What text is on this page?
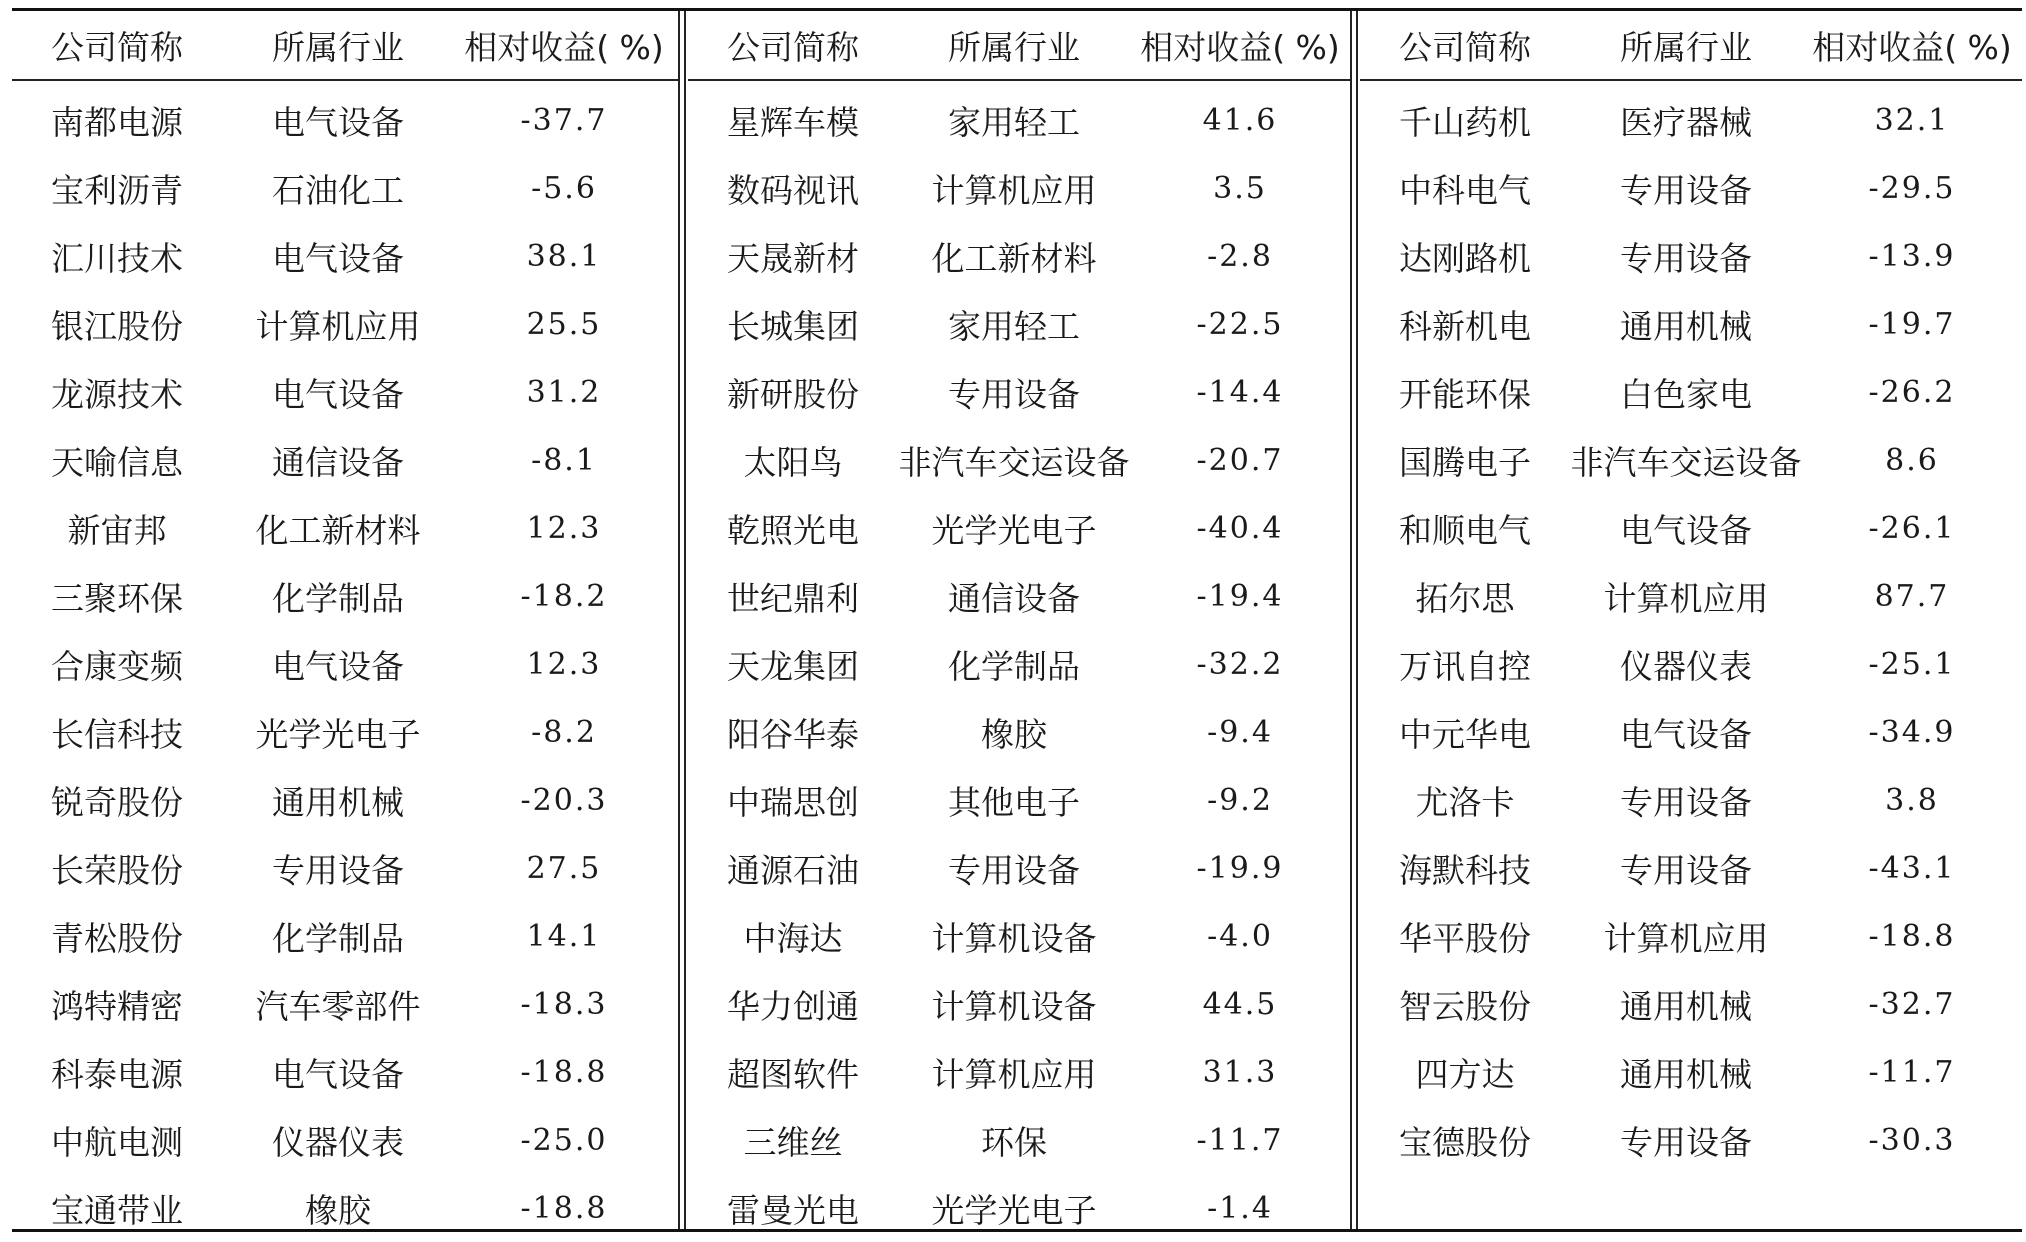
公司简称	所属行业	相对收益( %)
南都电源	电气设备	-37.7
宝利沥青	石油化工	-5.6
汇川技术	电气设备	38.1
银江股份	计算机应用	25.5
龙源技术	电气设备	31.2
天喻信息	通信设备	-8.1
新宙邦	化工新材料	12.3
三聚环保	化学制品	-18.2
合康变频	电气设备	12.3
长信科技	光学光电子	-8.2
锐奇股份	通用机械	-20.3
长荣股份	专用设备	27.5
青松股份	化学制品	14.1
鸿特精密	汽车零部件	-18.3
科泰电源	电气设备	-18.8
中航电测	仪器仪表	-25.0
宝通带业	橡胶	-18.8
公司简称	所属行业	相对收益( %)
星辉车模	家用轻工	41.6
数码视讯	计算机应用	3.5
天晟新材	化工新材料	-2.8
长城集团	家用轻工	-22.5
新研股份	专用设备	-14.4
太阳鸟	非汽车交运设备	-20.7
乾照光电	光学光电子	-40.4
世纪鼎利	通信设备	-19.4
天龙集团	化学制品	-32.2
阳谷华泰	橡胶	-9.4
中瑞思创	其他电子	-9.2
通源石油	专用设备	-19.9
中海达	计算机设备	-4.0
华力创通	计算机设备	44.5
超图软件	计算机应用	31.3
三维丝	环保	-11.7
雷曼光电	光学光电子	-1.4
公司简称	所属行业	相对收益( %)
千山药机	医疗器械	32.1
中科电气	专用设备	-29.5
达刚路机	专用设备	-13.9
科新机电	通用机械	-19.7
开能环保	白色家电	-26.2
国腾电子	非汽车交运设备	8.6
和顺电气	电气设备	-26.1
拓尔思	计算机应用	87.7
万讯自控	仪器仪表	-25.1
中元华电	电气设备	-34.9
尤洛卡	专用设备	3.8
海默科技	专用设备	-43.1
华平股份	计算机应用	-18.8
智云股份	通用机械	-32.7
四方达	通用机械	-11.7
宝德股份	专用设备	-30.3
